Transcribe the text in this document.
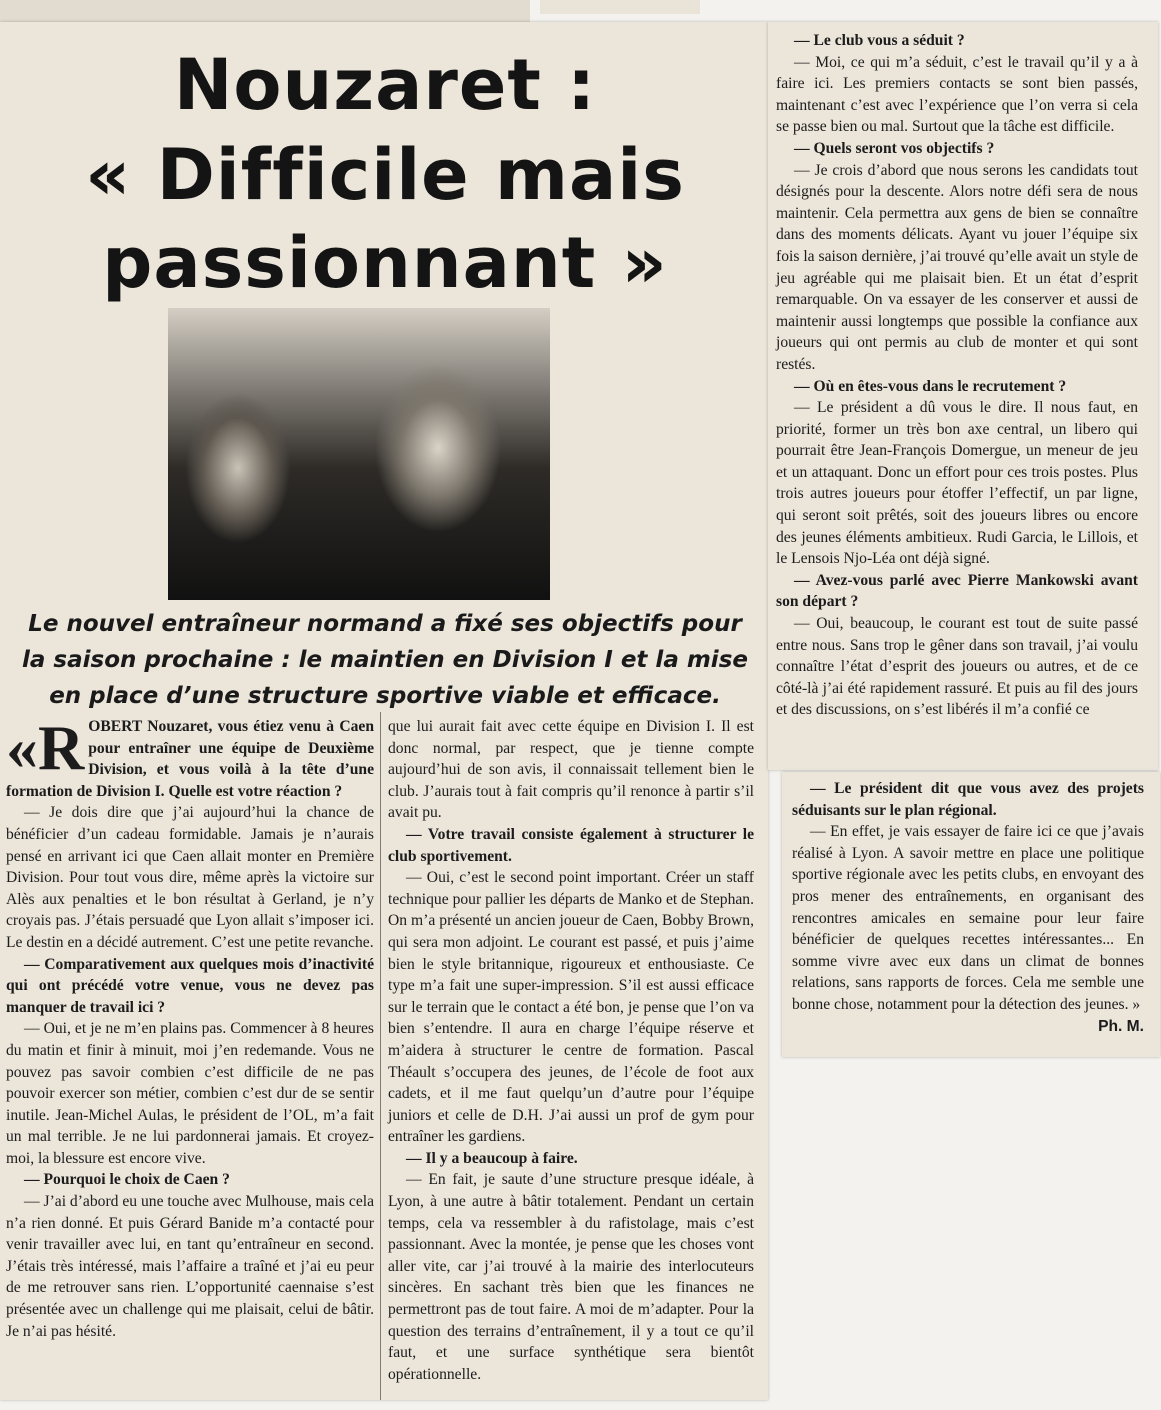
Nouzaret :
« Difficile mais
passionnant »
Le nouvel entraîneur normand a fixé ses objectifs pour la saison prochaine : le maintien en Division I et la mise en place d’une structure sportive viable et efficace.

«ROBERT Nouzaret, vous étiez venu à Caen pour entraîner une équipe de Deuxième Division, et vous voilà à la tête d’une formation de Division I. Quelle est votre réaction ?

— Je dois dire que j’ai aujourd’hui la chance de bénéficier d’un cadeau formidable. Jamais je n’aurais pensé en arrivant ici que Caen allait monter en Première Division. Pour tout vous dire, même après la victoire sur Alès aux penalties et le bon résultat à Gerland, je n’y croyais pas. J’étais persuadé que Lyon allait s’imposer ici. Le destin en a décidé autrement. C’est une petite revanche.

— Comparativement aux quelques mois d’inactivité qui ont précédé votre venue, vous ne devez pas manquer de travail ici ?

— Oui, et je ne m’en plains pas. Commencer à 8 heures du matin et finir à minuit, moi j’en redemande. Vous ne pouvez pas savoir combien c’est difficile de ne pas pouvoir exercer son métier, combien c’est dur de se sentir inutile. Jean-Michel Aulas, le président de l’OL, m’a fait un mal terrible. Je ne lui pardonnerai jamais. Et croyez-moi, la blessure est encore vive.

— Pourquoi le choix de Caen ?

— J’ai d’abord eu une touche avec Mulhouse, mais cela n’a rien donné. Et puis Gérard Banide m’a contacté pour venir travailler avec lui, en tant qu’entraîneur en second. J’étais très intéressé, mais l’affaire a traîné et j’ai eu peur de me retrouver sans rien. L’opportunité caennaise s’est présentée avec un challenge qui me plaisait, celui de bâtir. Je n’ai pas hésité.

que lui aurait fait avec cette équipe en Division I. Il est donc normal, par respect, que je tienne compte aujourd’hui de son avis, il connaissait tellement bien le club. J’aurais tout à fait compris qu’il renonce à partir s’il avait pu.

— Votre travail consiste également à structurer le club sportivement.

— Oui, c’est le second point important. Créer un staff technique pour pallier les départs de Manko et de Stephan. On m’a présenté un ancien joueur de Caen, Bobby Brown, qui sera mon adjoint. Le courant est passé, et puis j’aime bien le style britannique, rigoureux et enthousiaste. Ce type m’a fait une super-impression. S’il est aussi efficace sur le terrain que le contact a été bon, je pense que l’on va bien s’entendre. Il aura en charge l’équipe réserve et m’aidera à structurer le centre de formation. Pascal Théault s’occupera des jeunes, de l’école de foot aux cadets, et il me faut quelqu’un d’autre pour l’équipe juniors et celle de D.H. J’ai aussi un prof de gym pour entraîner les gardiens.

— Il y a beaucoup à faire.

— En fait, je saute d’une structure presque idéale, à Lyon, à une autre à bâtir totalement. Pendant un certain temps, cela va ressembler à du rafistolage, mais c’est passionnant. Avec la montée, je pense que les choses vont aller vite, car j’ai trouvé à la mairie des interlocuteurs sincères. En sachant très bien que les finances ne permettront pas de tout faire. A moi de m’adapter. Pour la question des terrains d’entraînement, il y a tout ce qu’il faut, et une surface synthétique sera bientôt opérationnelle.

— Le club vous a séduit ?

— Moi, ce qui m’a séduit, c’est le travail qu’il y a à faire ici. Les premiers contacts se sont bien passés, maintenant c’est avec l’expérience que l’on verra si cela se passe bien ou mal. Surtout que la tâche est difficile.

— Quels seront vos objectifs ?

— Je crois d’abord que nous serons les candidats tout désignés pour la descente. Alors notre défi sera de nous maintenir. Cela permettra aux gens de bien se connaître dans des moments délicats. Ayant vu jouer l’équipe six fois la saison dernière, j’ai trouvé qu’elle avait un style de jeu agréable qui me plaisait bien. Et un état d’esprit remarquable. On va essayer de les conserver et aussi de maintenir aussi longtemps que possible la confiance aux joueurs qui ont permis au club de monter et qui sont restés.

— Où en êtes-vous dans le recrutement ?

— Le président a dû vous le dire. Il nous faut, en priorité, former un très bon axe central, un libero qui pourrait être Jean-François Domergue, un meneur de jeu et un attaquant. Donc un effort pour ces trois postes. Plus trois autres joueurs pour étoffer l’effectif, un par ligne, qui seront soit prêtés, soit des joueurs libres ou encore des jeunes éléments ambitieux. Rudi Garcia, le Lillois, et le Lensois Njo-Léa ont déjà signé.

— Avez-vous parlé avec Pierre Mankowski avant son départ ?

— Oui, beaucoup, le courant est tout de suite passé entre nous. Sans trop le gêner dans son travail, j’ai voulu connaître l’état d’esprit des joueurs ou autres, et de ce côté-là j’ai été rapidement rassuré. Et puis au fil des jours et des discussions, on s’est libérés il m’a confié ce

— Le président dit que vous avez des projets séduisants sur le plan régional.

— En effet, je vais essayer de faire ici ce que j’avais réalisé à Lyon. A savoir mettre en place une politique sportive régionale avec les petits clubs, en envoyant des pros mener des entraînements, en organisant des rencontres amicales en semaine pour leur faire bénéficier de quelques recettes intéressantes... En somme vivre avec eux dans un climat de bonnes relations, sans rapports de forces. Cela me semble une bonne chose, notamment pour la détection des jeunes. »

Ph. M.
